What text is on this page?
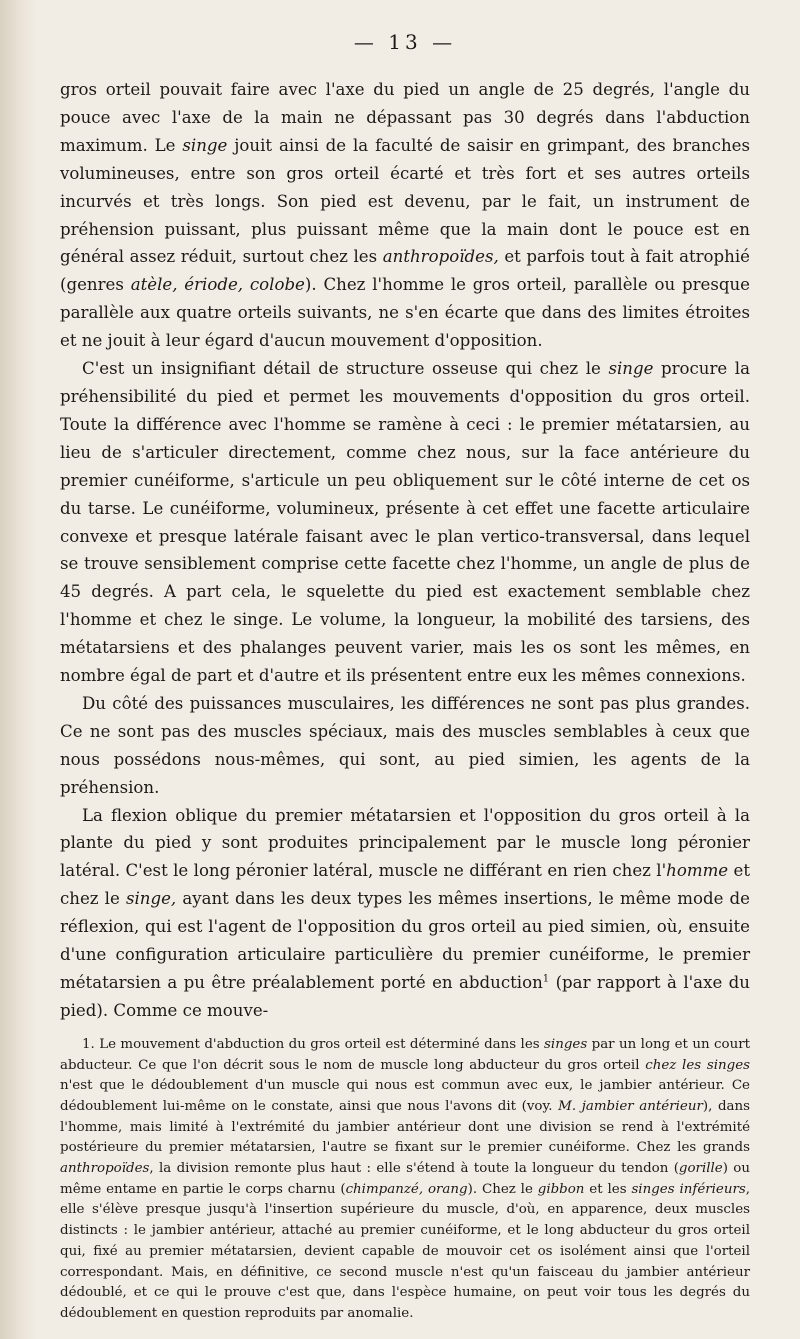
— 13 —

gros orteil pouvait faire avec l'axe du pied un angle de 25 degrés, l'angle du pouce avec l'axe de la main ne dépassant pas 30 degrés dans l'abduction maximum. Le singe jouit ainsi de la faculté de saisir en grimpant, des branches volumineuses, entre son gros orteil écarté et très fort et ses autres orteils incurvés et très longs. Son pied est devenu, par le fait, un instrument de préhension puissant, plus puissant même que la main dont le pouce est en général assez réduit, surtout chez les anthropoïdes, et parfois tout à fait atrophié (genres atèle, ériode, colobe). Chez l'homme le gros orteil, parallèle ou presque parallèle aux quatre orteils suivants, ne s'en écarte que dans des limites étroites et ne jouit à leur égard d'aucun mouvement d'opposition.

C'est un insignifiant détail de structure osseuse qui chez le singe procure la préhensibilité du pied et permet les mouvements d'opposition du gros orteil. Toute la différence avec l'homme se ramène à ceci : le premier métatarsien, au lieu de s'articuler directement, comme chez nous, sur la face antérieure du premier cunéiforme, s'articule un peu obliquement sur le côté interne de cet os du tarse. Le cunéiforme, volumineux, présente à cet effet une facette articulaire convexe et presque latérale faisant avec le plan vertico-transversal, dans lequel se trouve sensiblement comprise cette facette chez l'homme, un angle de plus de 45 degrés. A part cela, le squelette du pied est exactement semblable chez l'homme et chez le singe. Le volume, la longueur, la mobilité des tarsiens, des métatarsiens et des phalanges peuvent varier, mais les os sont les mêmes, en nombre égal de part et d'autre et ils présentent entre eux les mêmes connexions.

Du côté des puissances musculaires, les différences ne sont pas plus grandes. Ce ne sont pas des muscles spéciaux, mais des muscles semblables à ceux que nous possédons nous-mêmes, qui sont, au pied simien, les agents de la préhension.

La flexion oblique du premier métatarsien et l'opposition du gros orteil à la plante du pied y sont produites principalement par le muscle long péronier latéral. C'est le long péronier latéral, muscle ne différant en rien chez l'homme et chez le singe, ayant dans les deux types les mêmes insertions, le même mode de réflexion, qui est l'agent de l'opposition du gros orteil au pied simien, où, ensuite d'une configuration articulaire particulière du premier cunéiforme, le premier métatarsien a pu être préalablement porté en abduction$^1$ (par rapport à l'axe du pied). Comme ce mouve-

1. Le mouvement d'abduction du gros orteil est déterminé dans les singes par un long et un court abducteur. Ce que l'on décrit sous le nom de muscle long abducteur du gros orteil chez les singes n'est que le dédoublement d'un muscle qui nous est commun avec eux, le jambier antérieur. Ce dédoublement lui-même on le constate, ainsi que nous l'avons dit (voy. M. jambier antérieur), dans l'homme, mais limité à l'extrémité du jambier antérieur dont une division se rend à l'extrémité postérieure du premier métatarsien, l'autre se fixant sur le premier cunéiforme. Chez les grands anthropoïdes, la division remonte plus haut : elle s'étend à toute la longueur du tendon (gorille) ou même entame en partie le corps charnu (chimpanzé, orang). Chez le gibbon et les singes inférieurs, elle s'élève presque jusqu'à l'insertion supérieure du muscle, d'où, en apparence, deux muscles distincts : le jambier antérieur, attaché au premier cunéiforme, et le long abducteur du gros orteil qui, fixé au premier métatarsien, devient capable de mouvoir cet os isolément ainsi que l'orteil correspondant. Mais, en définitive, ce second muscle n'est qu'un faisceau du jambier antérieur dédoublé, et ce qui le prouve c'est que, dans l'espèce humaine, on peut voir tous les degrés du dédoublement en question reproduits par anomalie.
